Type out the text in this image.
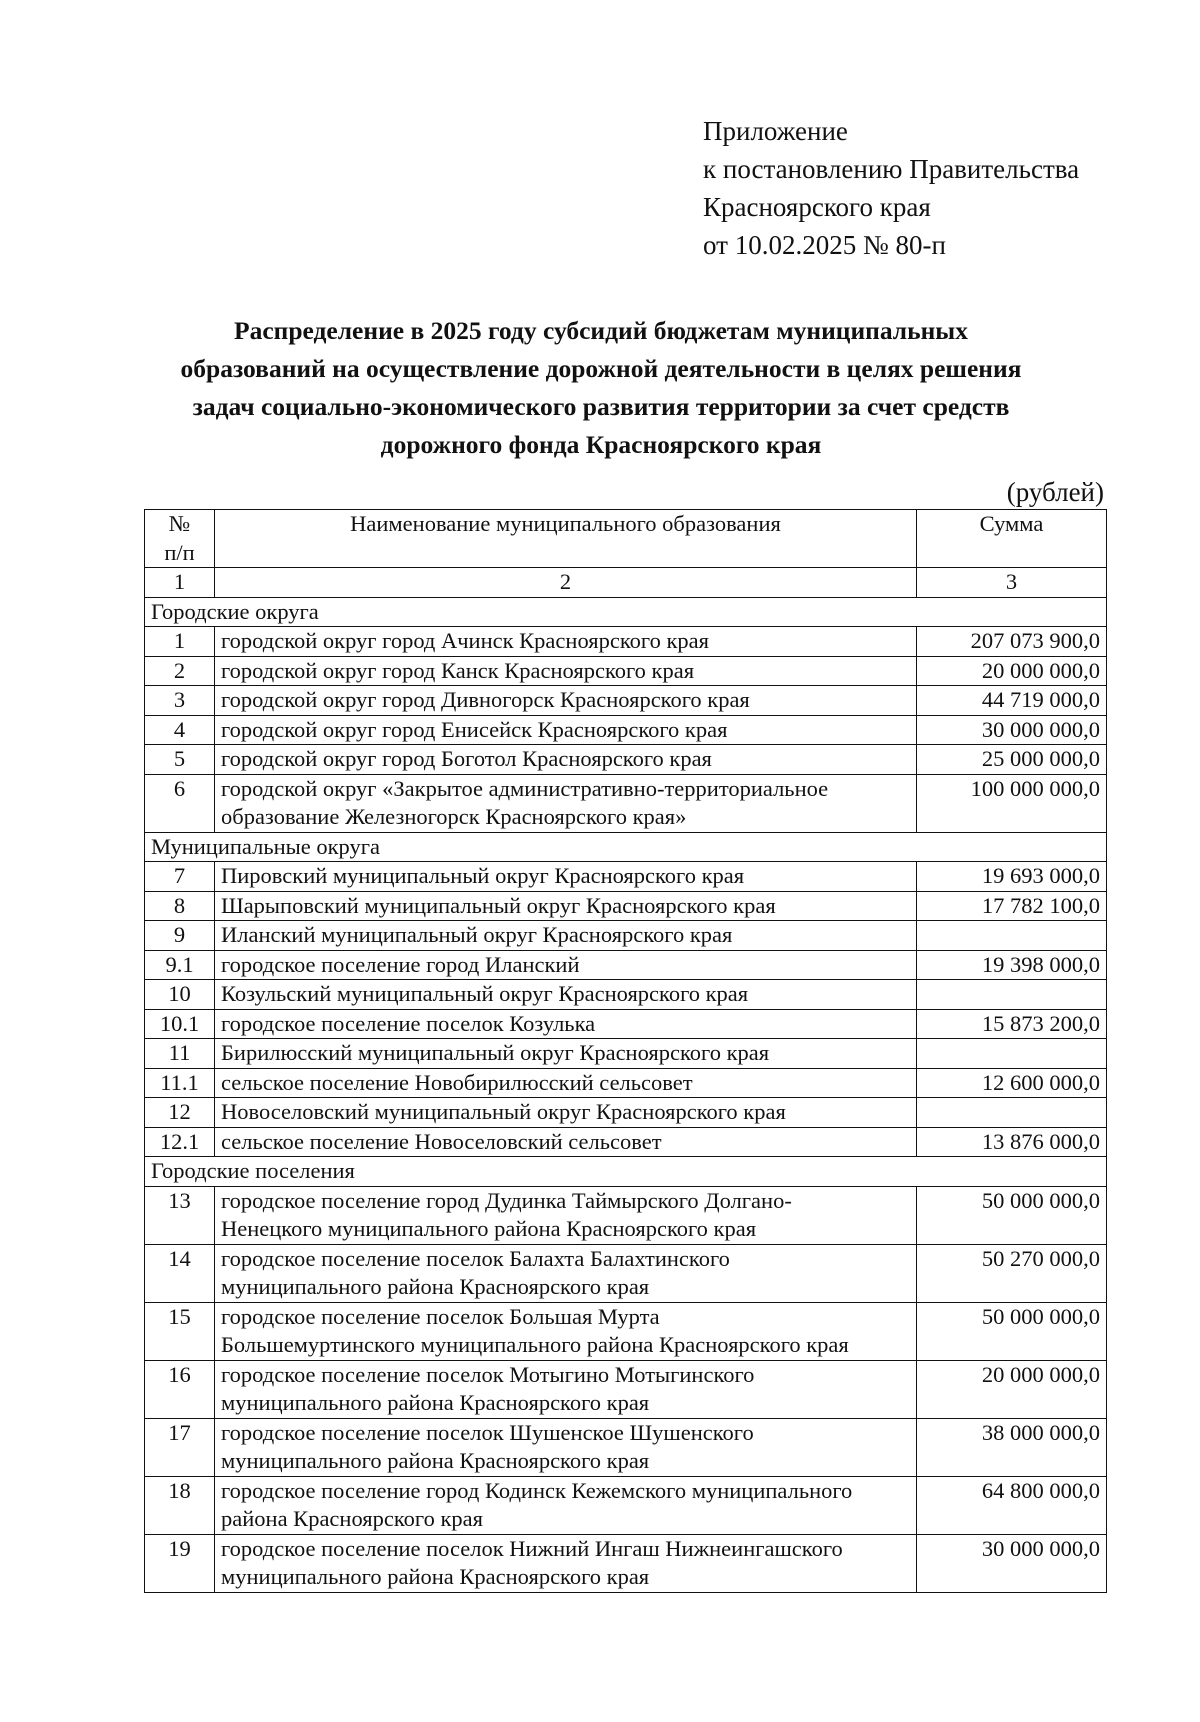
Приложение
к постановлению Правительства
Красноярского края
от 10.02.2025 № 80-п
Распределение в 2025 году субсидий бюджетам муниципальных
образований на осуществление дорожной деятельности в целях решения
задач социально-экономического развития территории за счет средств
дорожного фонда Красноярского края
(рублей)
№
п/п	Наименование муниципального образования	Сумма
1	2	3
Городские округа		
1	городской округ город Ачинск Красноярского края	207 073 900,0
2	городской округ город Канск Красноярского края	20 000 000,0
3	городской округ город Дивногорск Красноярского края	44 719 000,0
4	городской округ город Енисейск Красноярского края	30 000 000,0
5	городской округ город Боготол Красноярского края	25 000 000,0
6	городской округ «Закрытое административно-территориальное
образование Железногорск Красноярского края»	100 000 000,0
Муниципальные округа		
7	Пировский муниципальный округ Красноярского края	19 693 000,0
8	Шарыповский муниципальный округ Красноярского края	17 782 100,0
9	Иланский муниципальный округ Красноярского края	

9.1	городское поселение город Иланский	19 398 000,0
10	Козульский муниципальный округ Красноярского края	

10.1	городское поселение поселок Козулька	15 873 200,0
11	Бирилюсский муниципальный округ Красноярского края	

11.1	сельское поселение Новобирилюсский сельсовет	12 600 000,0
12	Новоселовский муниципальный округ Красноярского края	

12.1	сельское поселение Новоселовский сельсовет	13 876 000,0
Городские поселения		
13	городское поселение город Дудинка Таймырского Долгано-
Ненецкого муниципального района Красноярского края	50 000 000,0
14	городское поселение поселок Балахта Балахтинского
муниципального района Красноярского края	50 270 000,0
15	городское поселение поселок Большая Мурта
Большемуртинского муниципального района Красноярского края	50 000 000,0
16	городское поселение поселок Мотыгино Мотыгинского
муниципального района Красноярского края	20 000 000,0
17	городское поселение поселок Шушенское Шушенского
муниципального района Красноярского края	38 000 000,0
18	городское поселение город Кодинск Кежемского муниципального
района Красноярского края	64 800 000,0
19	городское поселение поселок Нижний Ингаш Нижнеингашского
муниципального района Красноярского края	30 000 000,0
